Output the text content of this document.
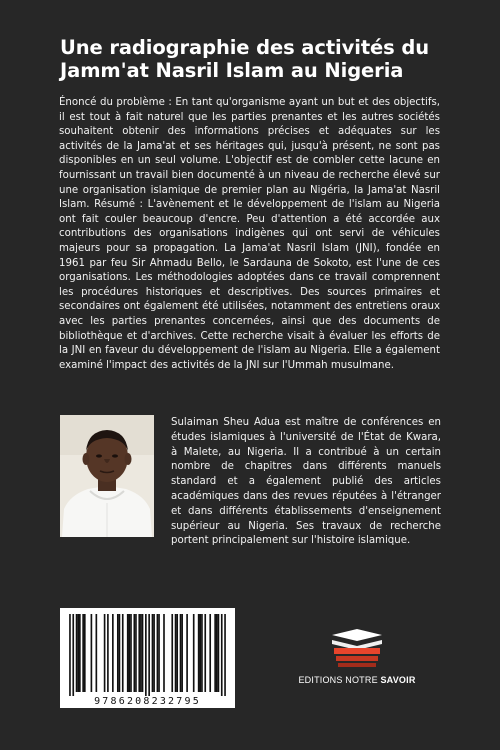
Une radiographie des activités du Jamm'at Nasril Islam au Nigeria

Énoncé du problème : En tant qu'organisme ayant un but et des objectifs, il est tout à fait naturel que les parties prenantes et les autres sociétés souhaitent obtenir des informations précises et adéquates sur les activités de la Jama'at et ses héritages qui, jusqu'à présent, ne sont pas disponibles en un seul volume. L'objectif est de combler cette lacune en fournissant un travail bien documenté à un niveau de recherche élevé sur une organisation islamique de premier plan au Nigéria, la Jama'at Nasril Islam. Résumé : L'avènement et le développement de l'islam au Nigeria ont fait couler beaucoup d'encre. Peu d'attention a été accordée aux contributions des organisations indigènes qui ont servi de véhicules majeurs pour sa propagation. La Jama'at Nasril Islam (JNI), fondée en 1961 par feu Sir Ahmadu Bello, le Sardauna de Sokoto, est l'une de ces organisations. Les méthodologies adoptées dans ce travail comprennent les procédures historiques et descriptives. Des sources primaires et secondaires ont également été utilisées, notamment des entretiens oraux avec les parties prenantes concernées, ainsi que des documents de bibliothèque et d'archives. Cette recherche visait à évaluer les efforts de la JNI en faveur du développement de l'islam au Nigeria. Elle a également examiné l'impact des activités de la JNI sur l'Ummah musulmane.

Sulaiman Sheu Adua est maître de conférences en études islamiques à l'université de l'État de Kwara, à Malete, au Nigeria. Il a contribué à un certain nombre de chapitres dans différents manuels standard et a également publié des articles académiques dans des revues réputées à l'étranger et dans différents établissements d'enseignement supérieur au Nigeria. Ses travaux de recherche portent principalement sur l'histoire islamique.

9786208232795
EDITIONS NOTRE SAVOIR
